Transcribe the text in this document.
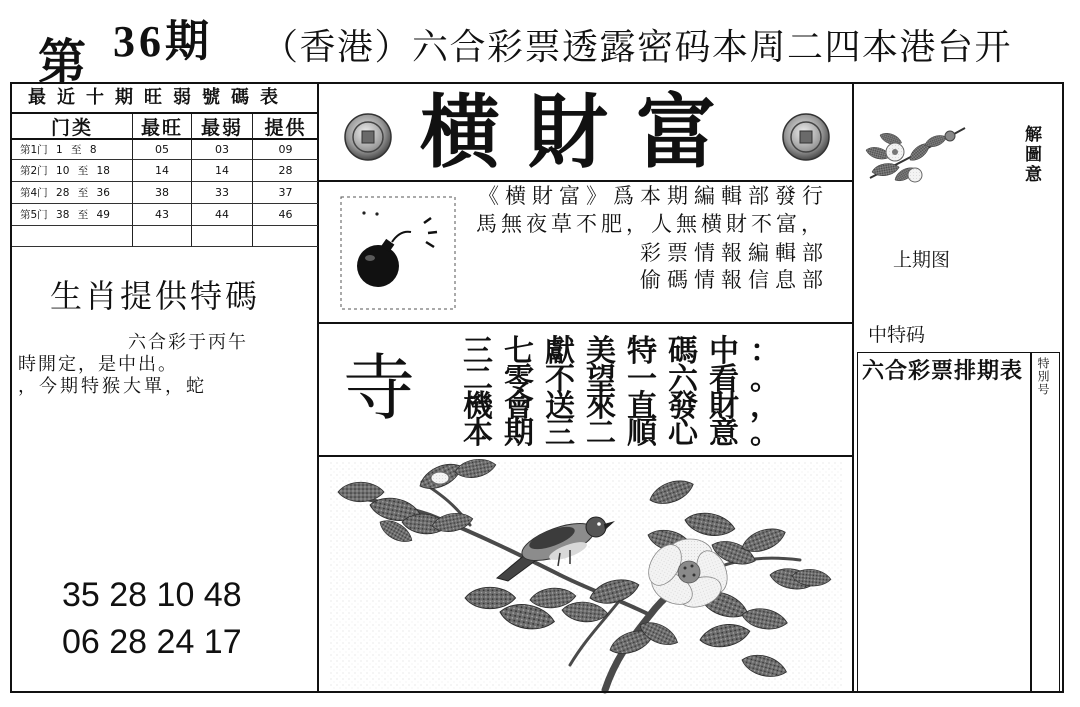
第 36期 （香港）六合彩票透露密码本周二四本港台开
最近十期旺弱號碼表
门类	最旺 最弱	提供
第1门 1 至 8	05	03	09
第2门 10 至 18	14	14	28
第4门 28 至 36	38	33	37
第5门 38 至 49	43	44	46
生肖提供特碼
六合彩于丙午
時開定，是中出。
，今期特猴大單，蛇
35 28 10 48
06 28 24 17
横財富
《横財富》爲本期編輯部發行
馬無夜草不肥，人無横財不富，
彩票情報編輯部
偷碼情報信息部
寺 三七獻美特碼中：
二零不望一六看。
機會送來直發財，
本期三二順心意。
解圖意
上期图
中特码
六合彩票排期表 特別号
